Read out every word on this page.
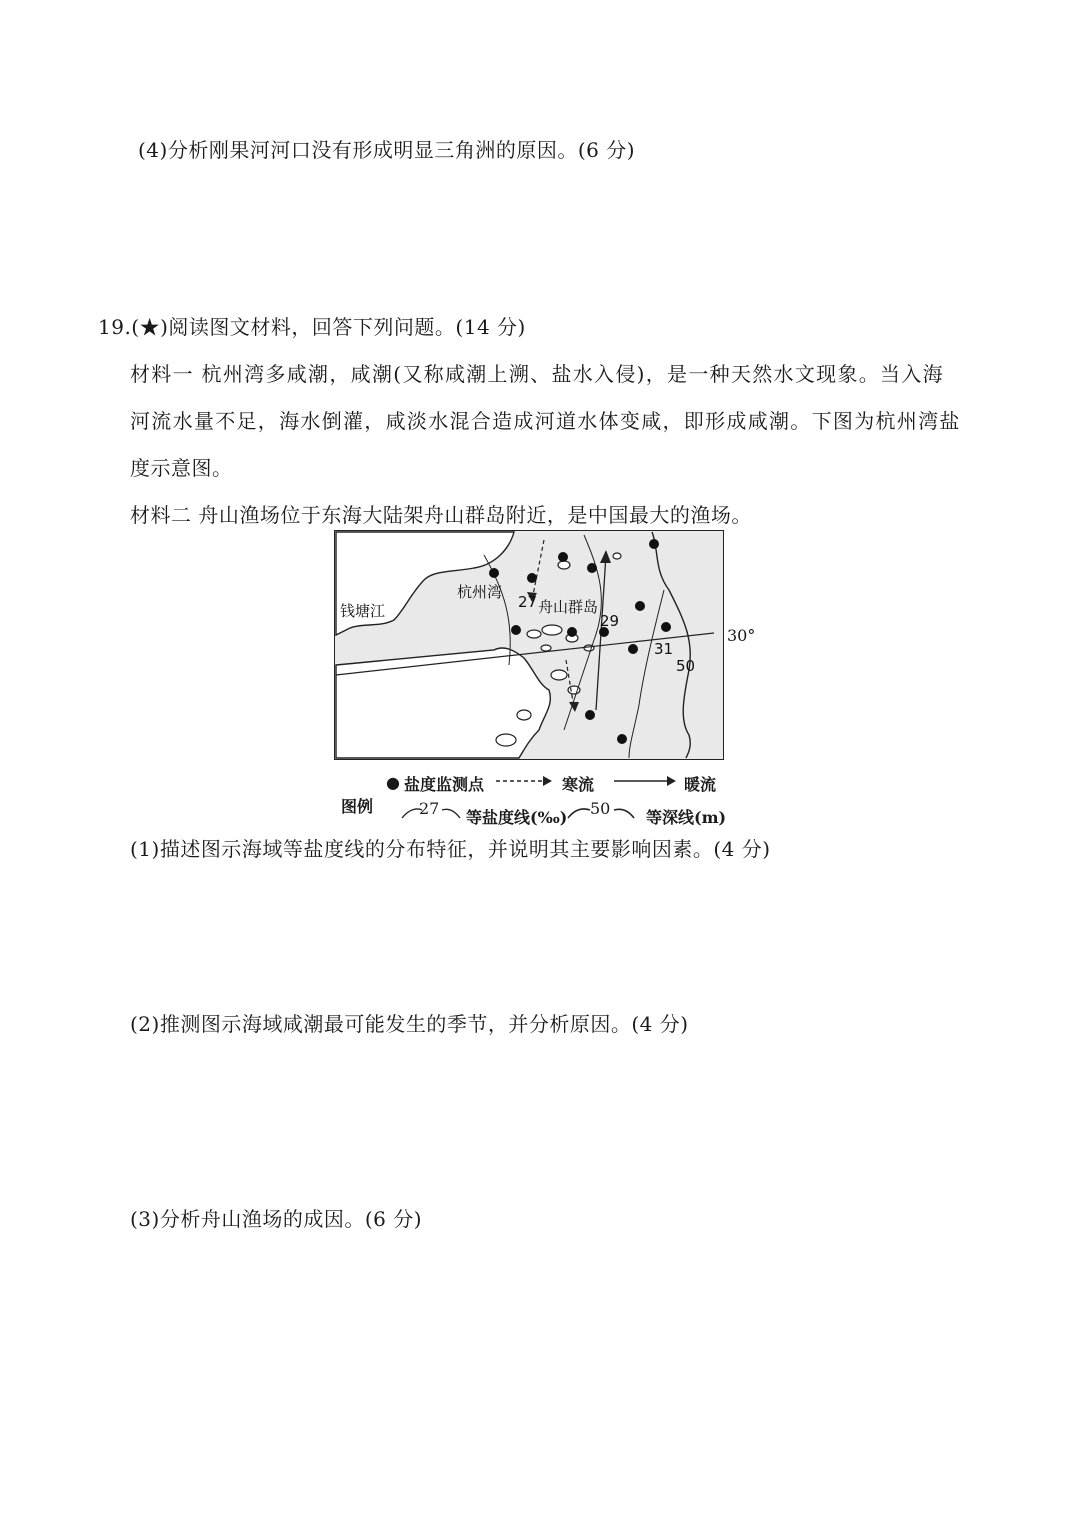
(4)分析刚果河河口没有形成明显三角洲的原因。(6 分)
19.(★)阅读图文材料，回答下列问题。(14 分)
材料一 杭州湾多咸潮，咸潮(又称咸潮上溯、盐水入侵)，是一种天然水文现象。当入海
河流水量不足，海水倒灌，咸淡水混合造成河道水体变咸，即形成咸潮。下图为杭州湾盐
度示意图。
材料二 舟山渔场位于东海大陆架舟山群岛附近，是中国最大的渔场。
钱塘江
杭州湾
舟山群岛
27
29
31
50
30°
● 盐度监测点	寒流	暖流
图例	27 等盐度线(‰) 50 等深线(m)
(1)描述图示海域等盐度线的分布特征，并说明其主要影响因素。(4 分)
(2)推测图示海域咸潮最可能发生的季节，并分析原因。(4 分)
(3)分析舟山渔场的成因。(6 分)
